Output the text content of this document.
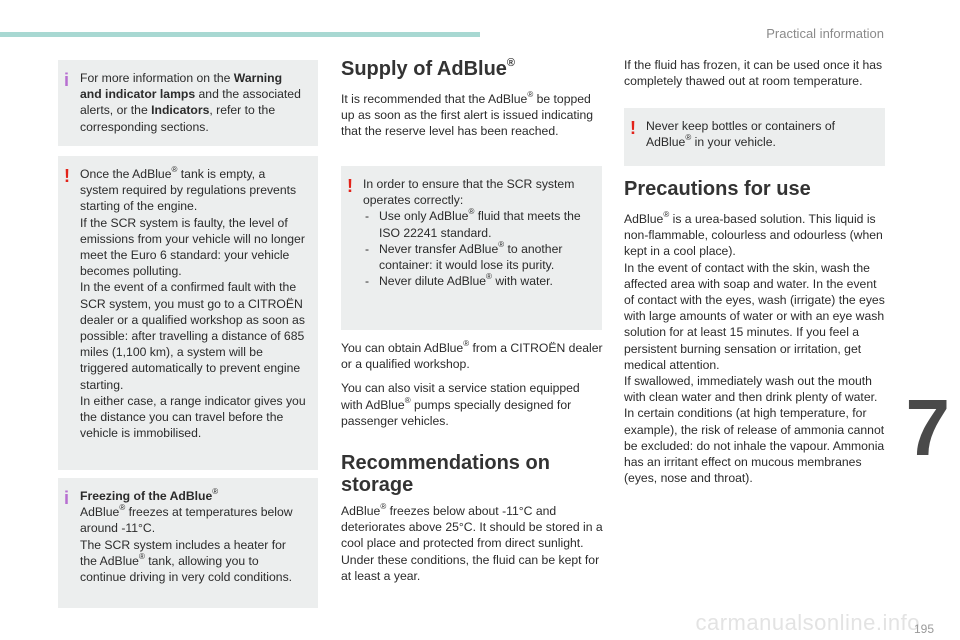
Practical information
7
carmanualsonline.info
195
i For more information on the Warning and indicator lamps and the associated alerts, or the Indicators, refer to the corresponding sections.

! Once the AdBlue® tank is empty, a system required by regulations prevents starting of the engine.

If the SCR system is faulty, the level of emissions from your vehicle will no longer meet the Euro 6 standard: your vehicle becomes polluting.

In the event of a confirmed fault with the SCR system, you must go to a CITROËN dealer or a qualified workshop as soon as possible: after travelling a distance of 685 miles (1,100 km), a system will be triggered automatically to prevent engine starting.

In either case, a range indicator gives you the distance you can travel before the vehicle is immobilised.

i Freezing of the AdBlue®

AdBlue® freezes at temperatures below around -11°C.

The SCR system includes a heater for the AdBlue® tank, allowing you to continue driving in very cold conditions.

Supply of AdBlue®

It is recommended that the AdBlue® be topped up as soon as the first alert is issued indicating that the reserve level has been reached.

! In order to ensure that the SCR system operates correctly:

- Use only AdBlue® fluid that meets the ISO 22241 standard.
- Never transfer AdBlue® to another container: it would lose its purity.
- Never dilute AdBlue® with water.

You can obtain AdBlue® from a CITROËN dealer or a qualified workshop.

You can also visit a service station equipped with AdBlue® pumps specially designed for passenger vehicles.

Recommendations on storage

AdBlue® freezes below about -11°C and deteriorates above 25°C. It should be stored in a cool place and protected from direct sunlight. Under these conditions, the fluid can be kept for at least a year.

If the fluid has frozen, it can be used once it has completely thawed out at room temperature.

! Never keep bottles or containers of AdBlue® in your vehicle.

Precautions for use
AdBlue® is a urea-based solution. This liquid is non-flammable, colourless and odourless (when kept in a cool place).
In the event of contact with the skin, wash the affected area with soap and water. In the event of contact with the eyes, wash (irrigate) the eyes with large amounts of water or with an eye wash solution for at least 15 minutes. If you feel a persistent burning sensation or irritation, get medical attention.
If swallowed, immediately wash out the mouth with clean water and then drink plenty of water.
In certain conditions (at high temperature, for example), the risk of release of ammonia cannot be excluded: do not inhale the vapour. Ammonia has an irritant effect on mucous membranes (eyes, nose and throat).
